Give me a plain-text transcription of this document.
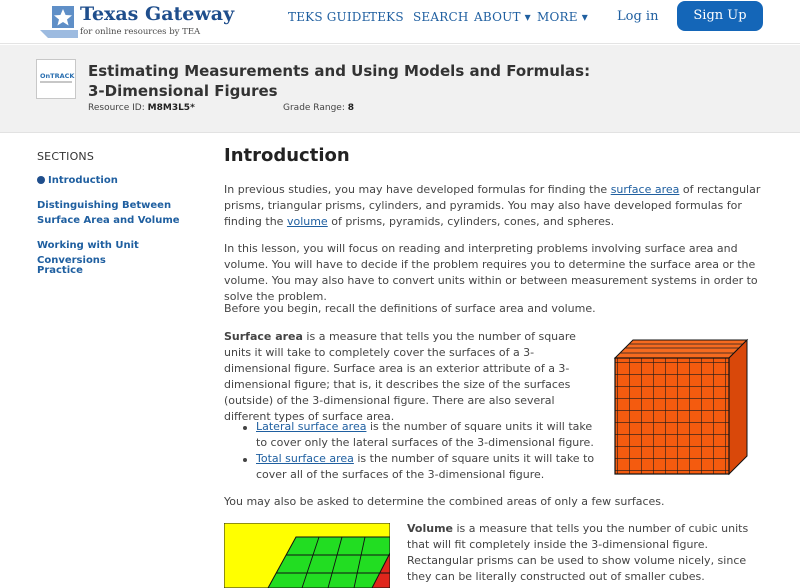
Texas Gateway
for online resources by TEA
TEKS GUIDE
TEKS SEARCH ABOUT ▾ MORE ▾ Log in	Sign Up
OnTRACK Estimating Measurements and Using Models and Formulas: 3-Dimensional Figures
Resource ID: M8M3L5*	Grade Range: 8
SECTIONS
Introduction
Distinguishing Between Surface Area and Volume
Working with Unit Conversions
Practice
Introduction
In previous studies, you may have developed formulas for finding the surface area of rectangular prisms, triangular prisms, cylinders, and pyramids. You may also have developed formulas for finding the volume of prisms, pyramids, cylinders, cones, and spheres.
In this lesson, you will focus on reading and interpreting problems involving surface area and volume. You will have to decide if the problem requires you to determine the surface area or the volume. You may also have to convert units within or between measurement systems in order to solve the problem.
Before you begin, recall the definitions of surface area and volume.
Surface area is a measure that tells you the number of square units it will take to completely cover the surfaces of a 3-dimensional figure. Surface area is an exterior attribute of a 3-dimensional figure; that is, it describes the size of the surfaces (outside) of the 3-dimensional figure. There are also several different types of surface area.
Lateral surface area is the number of square units it will take to cover only the lateral surfaces of the 3-dimensional figure.
Total surface area is the number of square units it will take to cover all of the surfaces of the 3-dimensional figure.
You may also be asked to determine the combined areas of only a few surfaces.
Volume is a measure that tells you the number of cubic units that will fit completely inside the 3-dimensional figure. Rectangular prisms can be used to show volume nicely, since they can be literally constructed out of smaller cubes.
